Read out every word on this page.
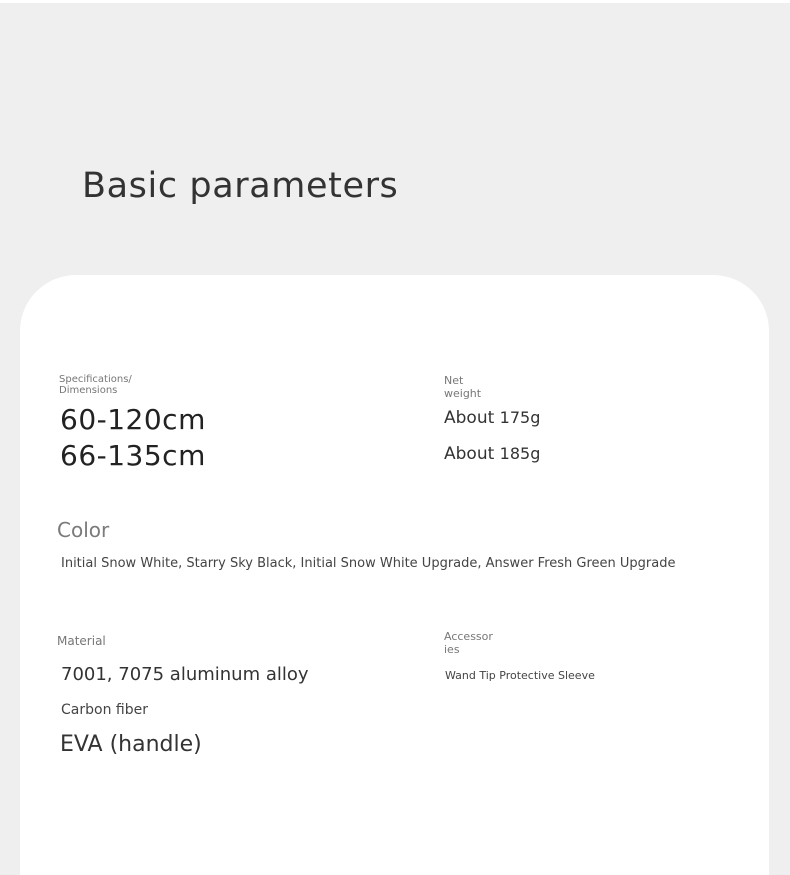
Basic parameters
Specifications/
Dimensions
60-120cm
66-135cm
Net
weight
About 175g
About 185g
Color
Initial Snow White, Starry Sky Black, Initial Snow White Upgrade, Answer Fresh Green Upgrade
Material
7001, 7075 aluminum alloy
Carbon fiber
EVA (handle)
Accessor
ies
Wand Tip Protective Sleeve
